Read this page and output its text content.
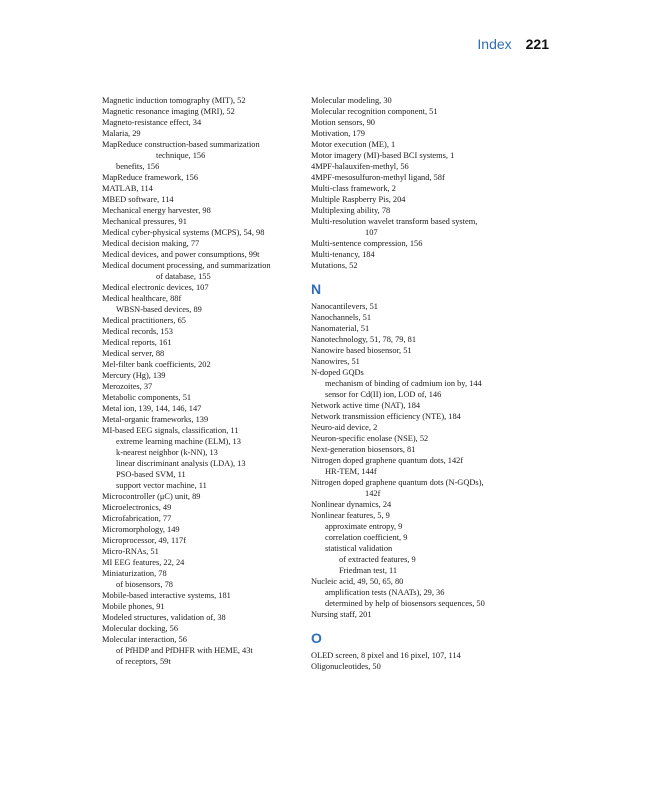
Index 221
Magnetic induction tomography (MIT), 52
Magnetic resonance imaging (MRI), 52
Magneto-resistance effect, 34
Malaria, 29
MapReduce construction-based summarization
technique, 156
benefits, 156
MapReduce framework, 156
MATLAB, 114
MBED software, 114
Mechanical energy harvester, 98
Mechanical pressures, 91
Medical cyber-physical systems (MCPS), 54, 98
Medical decision making, 77
Medical devices, and power consumptions, 99t
Medical document processing, and summarization
of database, 155
Medical electronic devices, 107
Medical healthcare, 88f
WBSN-based devices, 89
Medical practitioners, 65
Medical records, 153
Medical reports, 161
Medical server, 88
Mel-filter bank coefficients, 202
Mercury (Hg), 139
Merozoites, 37
Metabolic components, 51
Metal ion, 139, 144, 146, 147
Metal-organic frameworks, 139
MI-based EEG signals, classification, 11
extreme learning machine (ELM), 13
k-nearest neighbor (k-NN), 13
linear discriminant analysis (LDA), 13
PSO-based SVM, 11
support vector machine, 11
Microcontroller (μC) unit, 89
Microelectronics, 49
Microfabrication, 77
Micromorphology, 149
Microprocessor, 49, 117f
Micro-RNAs, 51
MI EEG features, 22, 24
Miniaturization, 78
of biosensors, 78
Mobile-based interactive systems, 181
Mobile phones, 91
Modeled structures, validation of, 38
Molecular docking, 56
Molecular interaction, 56
of PfHDP and PfDHFR with HEME, 43t
of receptors, 59t
Molecular modeling, 30
Molecular recognition component, 51
Motion sensors, 90
Motivation, 179
Motor execution (ME), 1
Motor imagery (MI)-based BCI systems, 1
4MPF-halauxifen-methyl, 56
4MPF-mesosulfuron-methyl ligand, 58f
Multi-class framework, 2
Multiple Raspberry Pis, 204
Multiplexing ability, 78
Multi-resolution wavelet transform based system,
107
Multi-sentence compression, 156
Multi-tenancy, 184
Mutations, 52
N
Nanocantilevers, 51
Nanochannels, 51
Nanomaterial, 51
Nanotechnology, 51, 78, 79, 81
Nanowire based biosensor, 51
Nanowires, 51
N-doped GQDs
mechanism of binding of cadmium ion by, 144
sensor for Cd(II) ion, LOD of, 146
Network active time (NAT), 184
Network transmission efficiency (NTE), 184
Neuro-aid device, 2
Neuron-specific enolase (NSE), 52
Next-generation biosensors, 81
Nitrogen doped graphene quantum dots, 142f
HR-TEM, 144f
Nitrogen doped graphene quantum dots (N-GQDs),
142f
Nonlinear dynamics, 24
Nonlinear features, 5, 9
approximate entropy, 9
correlation coefficient, 9
statistical validation
of extracted features, 9
Friedman test, 11
Nucleic acid, 49, 50, 65, 80
amplification tests (NAATs), 29, 36
determined by help of biosensors sequences, 50
Nursing staff, 201
O
OLED screen, 8 pixel and 16 pixel, 107, 114
Oligonucleotides, 50
